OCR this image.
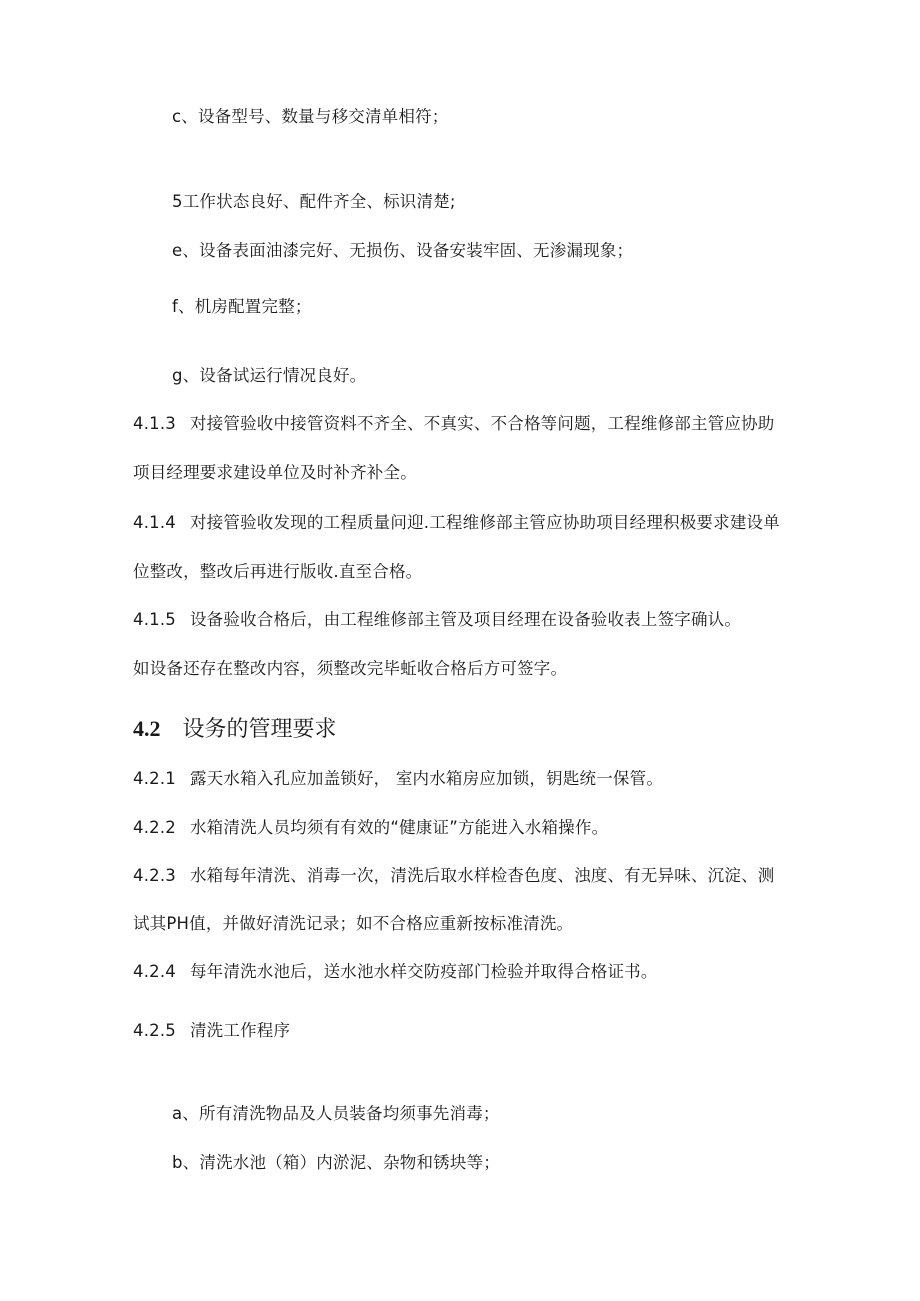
c、设备型号、数量与移交清单相符；
5工作状态良好、配件齐全、标识清楚;
e、设备表面油漆完好、无损伤、设备安装牢固、无渗漏现象；
f、机房配置完整；
g、设备试运行情况良好。
4.1.3 对接管验收中接管资料不齐全、不真实、不合格等问题，工程维修部主管应协助
项目经理要求建设单位及时补齐补全。
4.1.4 对接管验收发现的工程质量问迎.工程维修部主管应协助项目经理积极要求建设单
位整改，整改后再进行版收.直至合格。
4.1.5 设备验收合格后，由工程维修部主管及项目经理在设备验收表上签字确认。
如设备还存在整改内容，须整改完毕蚯收合格后方可签字。
4.2 设务的管理要求
4.2.1 露天水箱入孔应加盖锁好， 室内水箱房应加锁，钥匙统一保管。
4.2.2 水箱清洗人员均须有有效的“健康证”方能进入水箱操作。
4.2.3 水箱每年清洗、消毒一次，清洗后取水样检杳色度、浊度、有无异味、沉淀、测
试其PH值，并做好清洗记录；如不合格应重新按标准清洗。
4.2.4 每年清洗水池后，送水池水样交防疫部门检验并取得合格证书。
4.2.5 清洗工作程序
a、所有清洗物品及人员装备均须事先消毒；
b、清洗水池（箱）内淤泥、杂物和锈块等；
